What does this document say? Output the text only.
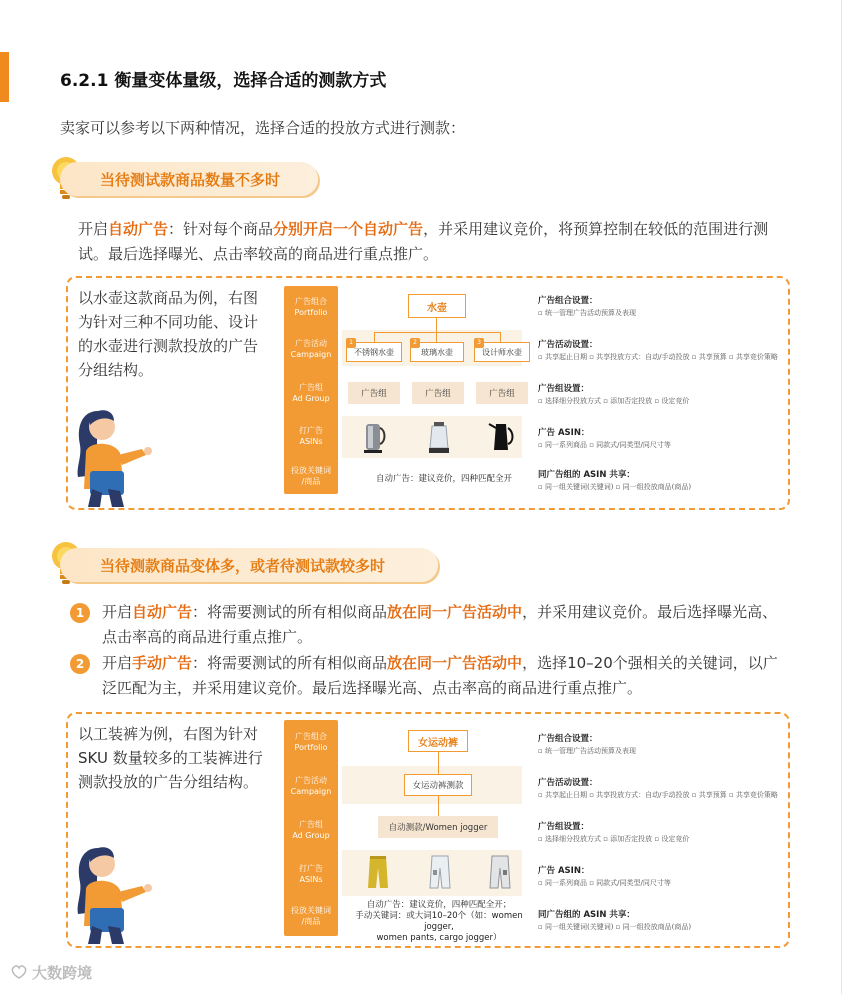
6.2.1 衡量变体量级，选择合适的测款方式
卖家可以参考以下两种情况，选择合适的投放方式进行测款：
当待测试款商品数量不多时
开启自动广告：针对每个商品分别开启一个自动广告，并采用建议竞价，将预算控制在较低的范围进行测试。最后选择曝光、点击率较高的商品进行重点推广。
以水壶这款商品为例，右图为针对三种不同功能、设计的水壶进行测款投放的广告分组结构。
广告组合
Portfolio
广告活动
Campaign
广告组
Ad Group
打广告
ASINs
投放关键词
/商品
水壶
不锈钢水壶
1
玻璃水壶
2
设计师水壶
3
广告组	广告组	广告组
自动广告：建议竞价，四种匹配全开
广告组合设置：
▫ 统一管理广告活动预算及表现
广告活动设置：
▫ 共享起止日期 ▫ 共享投放方式：自动/手动投放 ▫ 共享预算 ▫ 共享竞价策略
广告组设置：
▫ 选择细分投放方式 ▫ 添加否定投放 ▫ 设定竞价
广告 ASIN：
▫ 同一系列商品 ▫ 同款式/同类型/同尺寸等
同广告组的 ASIN 共享：
▫ 同一组关键词(关键词) ▫ 同一组投放商品(商品)
当待测款商品变体多，或者待测试款较多时
1	开启自动广告：将需要测试的所有相似商品放在同一广告活动中，并采用建议竞价。最后选择曝光高、点击率高的商品进行重点推广。
2	开启手动广告：将需要测试的所有相似商品放在同一广告活动中，选择10–20个强相关的关键词，以广泛匹配为主，并采用建议竞价。最后选择曝光高、点击率高的商品进行重点推广。
以工装裤为例，右图为针对 SKU 数量较多的工装裤进行测款投放的广告分组结构。
广告组合
Portfolio
广告活动
Campaign
广告组
Ad Group
打广告
ASINs
投放关键词
/商品
女运动裤
女运动裤测款
自动测款/Women jogger
自动广告：建议竞价，四种匹配全开；
手动关键词：或大词10–20个（如：women jogger,
women pants, cargo jogger）
广告组合设置：
▫ 统一管理广告活动预算及表现
广告活动设置：
▫ 共享起止日期 ▫ 共享投放方式：自动/手动投放 ▫ 共享预算 ▫ 共享竞价策略
广告组设置：
▫ 选择细分投放方式 ▫ 添加否定投放 ▫ 设定竞价
广告 ASIN：
▫ 同一系列商品 ▫ 同款式/同类型/同尺寸等
同广告组的 ASIN 共享：
▫ 同一组关键词(关键词) ▫ 同一组投放商品(商品)
大数跨境
